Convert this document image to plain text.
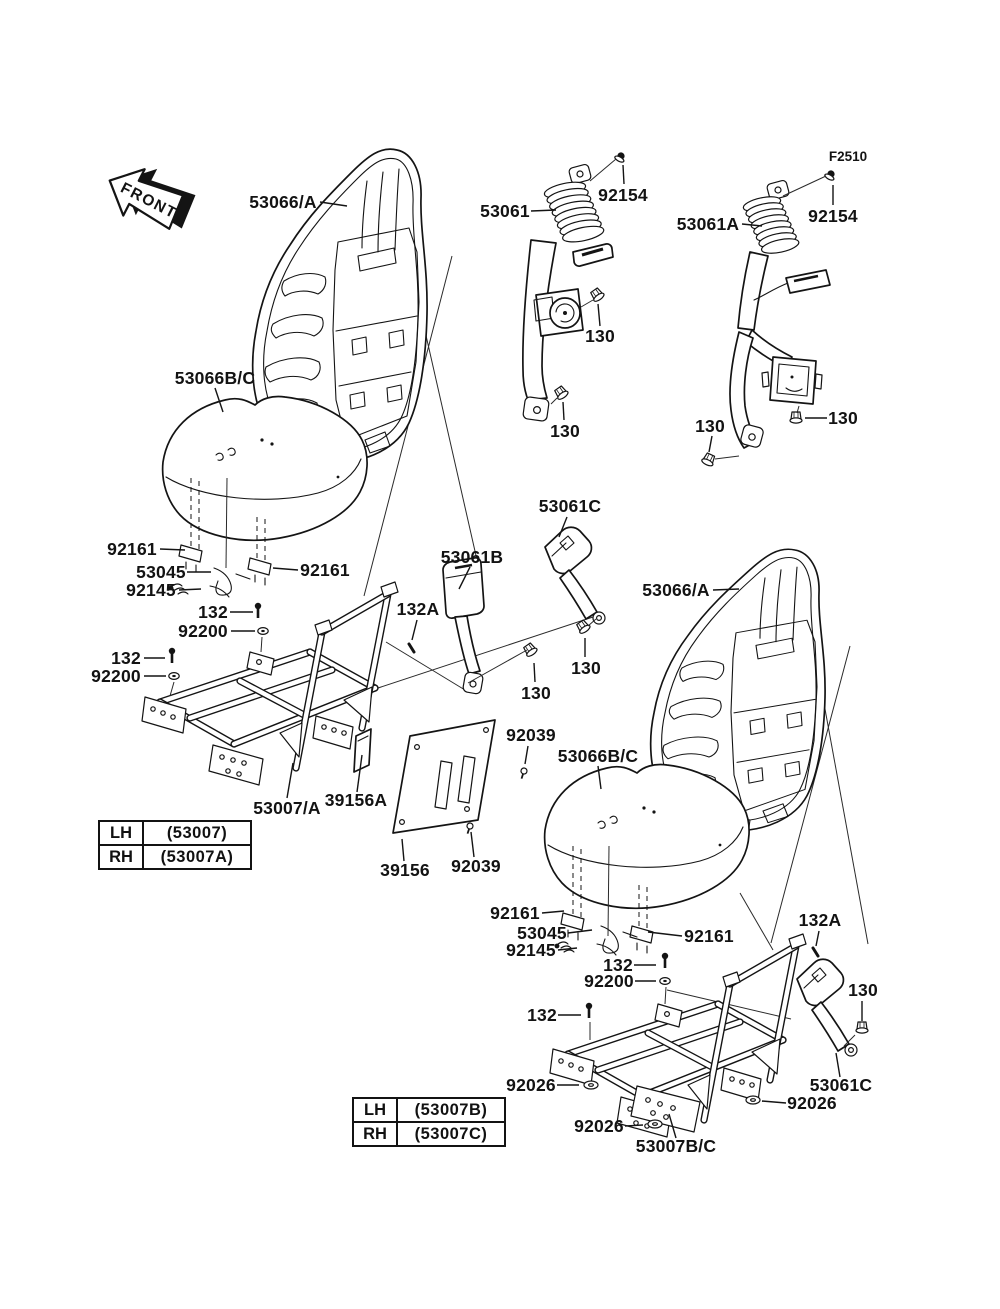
53066/A	53061
92154
53061A	92154
130
130	130	130
53066B/C
92161
53045
92145
92161
132
92200
132
92200
132A
53061B
53061C
53066/A
130
130
92039
53007/A 39156A
39156 92039
53066B/C
92161
53045
92145
92161
132
92200
132
92026
92026
53007B/C
132A
130
53061C
92026
F2510
FRONT
LH	(53007)
RH	(53007A)
LH	(53007B)
RH	(53007C)
